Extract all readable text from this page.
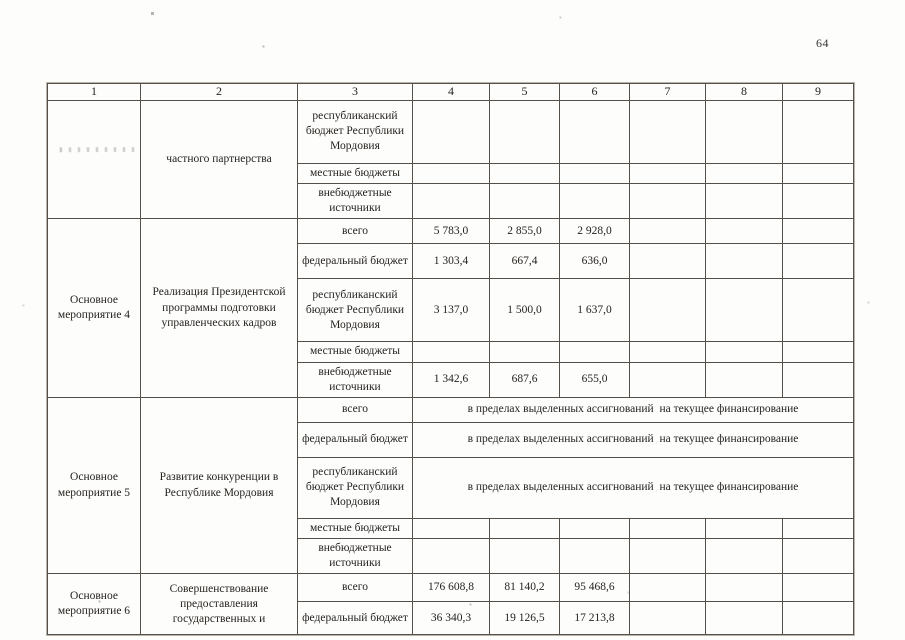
64
1	2	3	4	5	6	7	8	9

	частного партнерства	республиканский бюджет Республики Мордовия						
		местные бюджеты						
		внебюджетные источники						
Основное мероприятие 4	Реализация Президентской программы подготовки управленческих кадров	всего	5 783,0	2 855,0	2 928,0			
		федеральный бюджет	1 303,4	667,4	636,0			
		республиканский бюджет Республики Мордовия	3 137,0	1 500,0	1 637,0			
		местные бюджеты						
		внебюджетные источники	1 342,6	687,6	655,0			
Основное мероприятие 5	Развитие конкуренции в Республике Мордовия	всего	в пределах выделенных ассигнований  на текущее финансирование					
		федеральный бюджет	в пределах выделенных ассигнований  на текущее финансирование					
		республиканский бюджет Республики Мордовия	в пределах выделенных ассигнований  на текущее финансирование					
		местные бюджеты						
		внебюджетные источники						
Основное мероприятие 6	Совершенствование предоставления государственных и	всего	176 608,8	81 140,2	95 468,6			
		федеральный бюджет	36 340,3	19 126,5	17 213,8			
